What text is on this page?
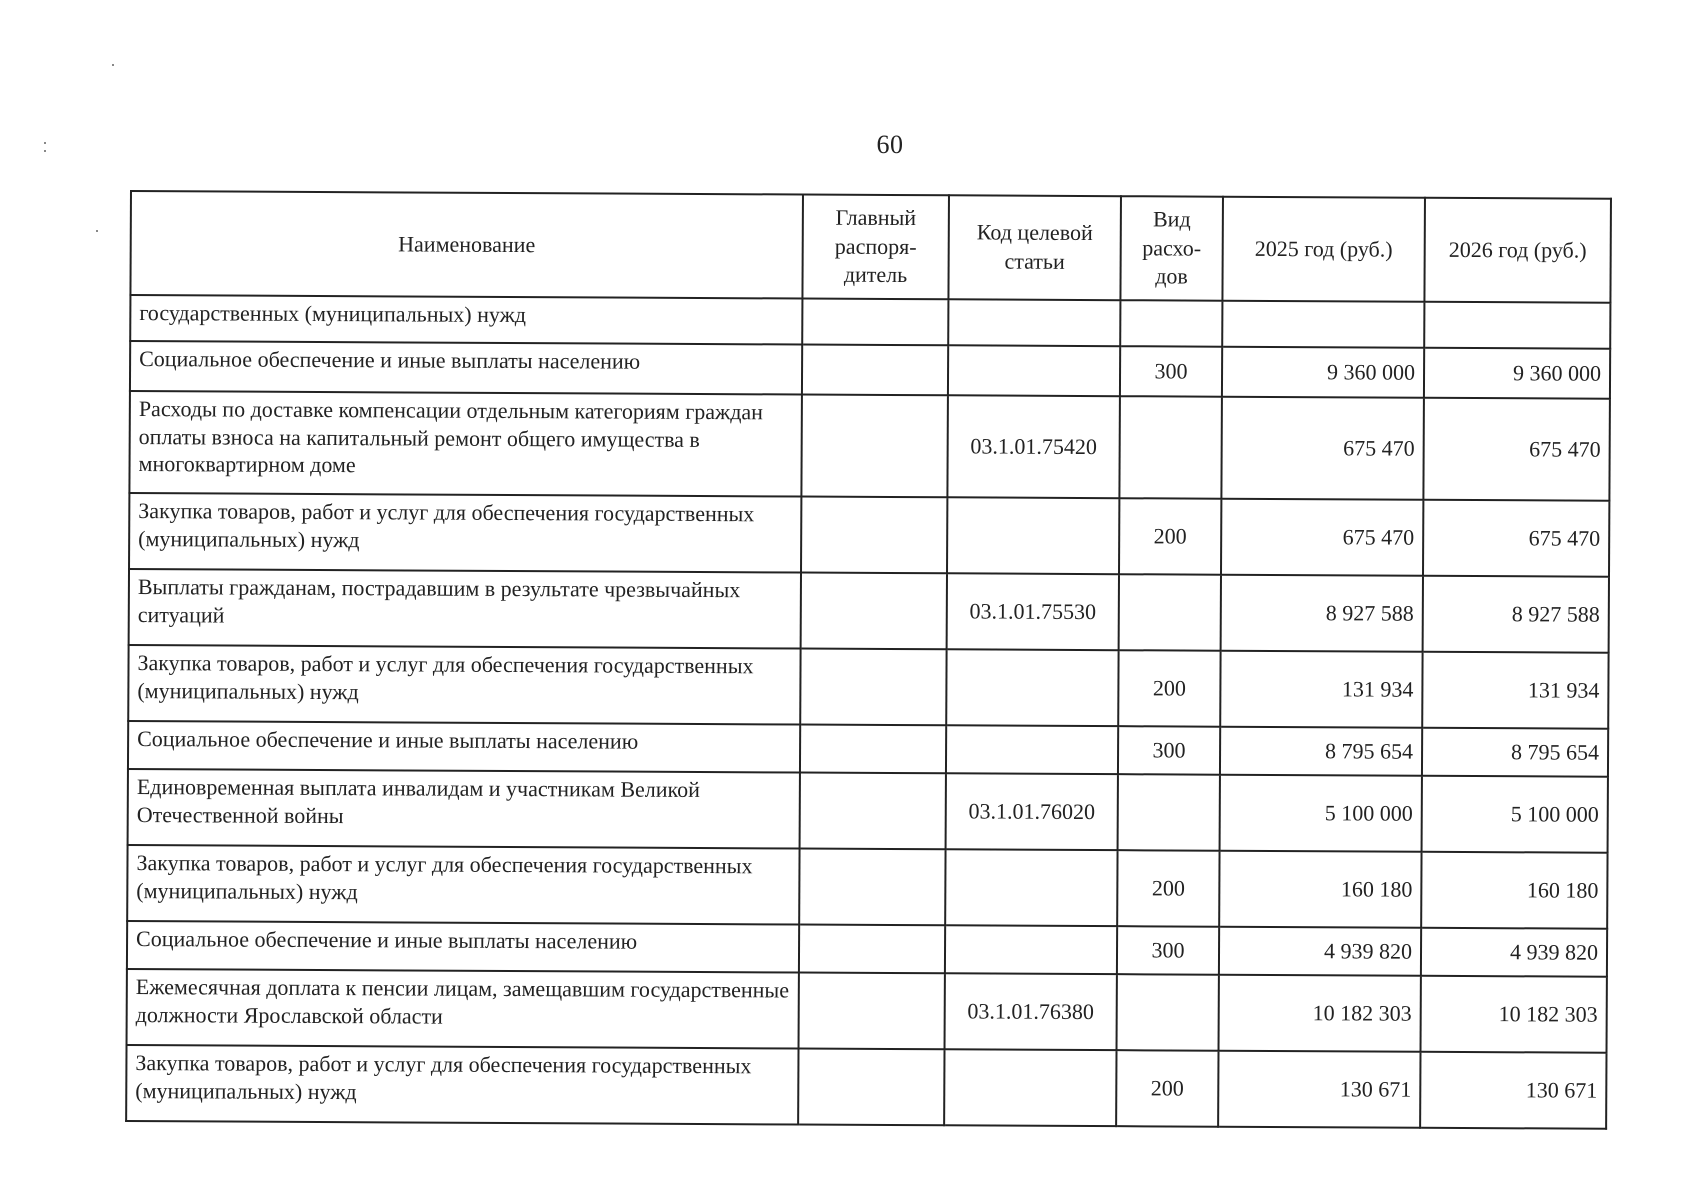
60
Наименование	Главный распоря-дитель	Код целевой статьи	Вид расхо-дов	2025 год (руб.)	2026 год (руб.)
государственных (муниципальных) нужд					
Социальное обеспечение и иные выплаты населению			300	9 360 000	9 360 000
Расходы по доставке компенсации отдельным категориям граждан оплаты взноса на капитальный ремонт общего имущества в многоквартирном доме		03.1.01.75420		675 470	675 470
Закупка товаров, работ и услуг для обеспечения государственных (муниципальных) нужд			200	675 470	675 470
Выплаты гражданам, пострадавшим в результате чрезвычайных ситуаций		03.1.01.75530		8 927 588	8 927 588
Закупка товаров, работ и услуг для обеспечения государственных (муниципальных) нужд			200	131 934	131 934
Социальное обеспечение и иные выплаты населению			300	8 795 654	8 795 654
Единовременная выплата инвалидам и участникам Великой Отечественной войны		03.1.01.76020		5 100 000	5 100 000
Закупка товаров, работ и услуг для обеспечения государственных (муниципальных) нужд			200	160 180	160 180
Социальное обеспечение и иные выплаты населению			300	4 939 820	4 939 820
Ежемесячная доплата к пенсии лицам, замещавшим государственные должности Ярославской области		03.1.01.76380		10 182 303	10 182 303
Закупка товаров, работ и услуг для обеспечения государственных (муниципальных) нужд			200	130 671	130 671
